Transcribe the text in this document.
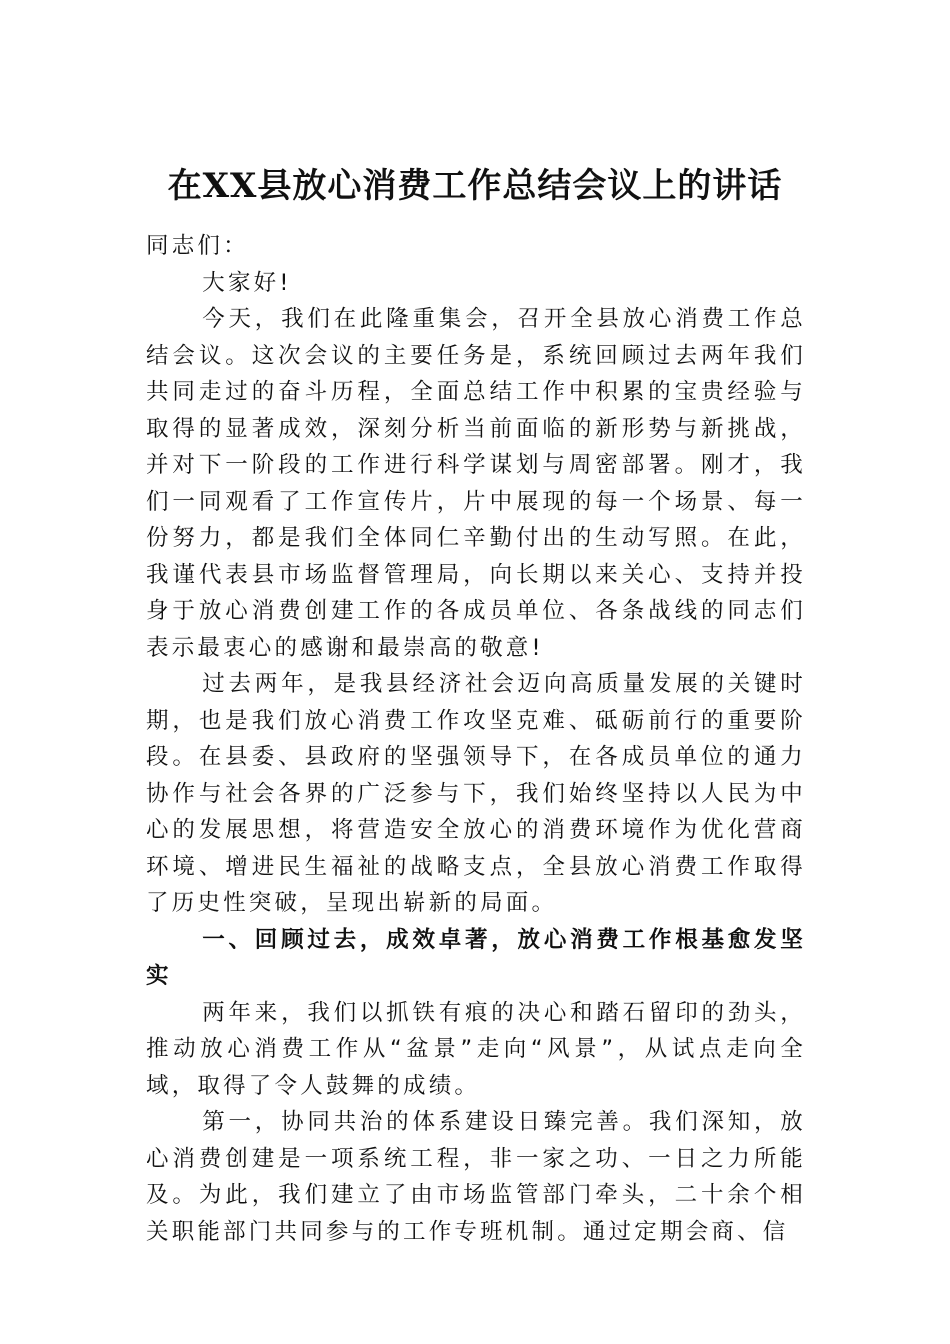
在XX县放心消费工作总结会议上的讲话

同志们：

大家好!

今天，我们在此隆重集会，召开全县放心消费工作总结会议。这次会议的主要任务是，系统回顾过去两年我们共同走过的奋斗历程，全面总结工作中积累的宝贵经验与取得的显著成效，深刻分析当前面临的新形势与新挑战，并对下一阶段的工作进行科学谋划与周密部署。刚才，我们一同观看了工作宣传片，片中展现的每一个场景、每一份努力，都是我们全体同仁辛勤付出的生动写照。在此，我谨代表县市场监督管理局，向长期以来关心、支持并投身于放心消费创建工作的各成员单位、各条战线的同志们表示最衷心的感谢和最崇高的敬意!

过去两年，是我县经济社会迈向高质量发展的关键时期，也是我们放心消费工作攻坚克难、砥砺前行的重要阶段。在县委、县政府的坚强领导下，在各成员单位的通力协作与社会各界的广泛参与下，我们始终坚持以人民为中心的发展思想，将营造安全放心的消费环境作为优化营商环境、增进民生福祉的战略支点，全县放心消费工作取得了历史性突破，呈现出崭新的局面。

一、回顾过去，成效卓著，放心消费工作根基愈发坚实

两年来，我们以抓铁有痕的决心和踏石留印的劲头，推动放心消费工作从“盆景”走向“风景”，从试点走向全域，取得了令人鼓舞的成绩。

第一，协同共治的体系建设日臻完善。我们深知，放心消费创建是一项系统工程，非一家之功、一日之力所能及。为此，我们建立了由市场监管部门牵头，二十余个相关职能部门共同参与的工作专班机制。通过定期会商、信
